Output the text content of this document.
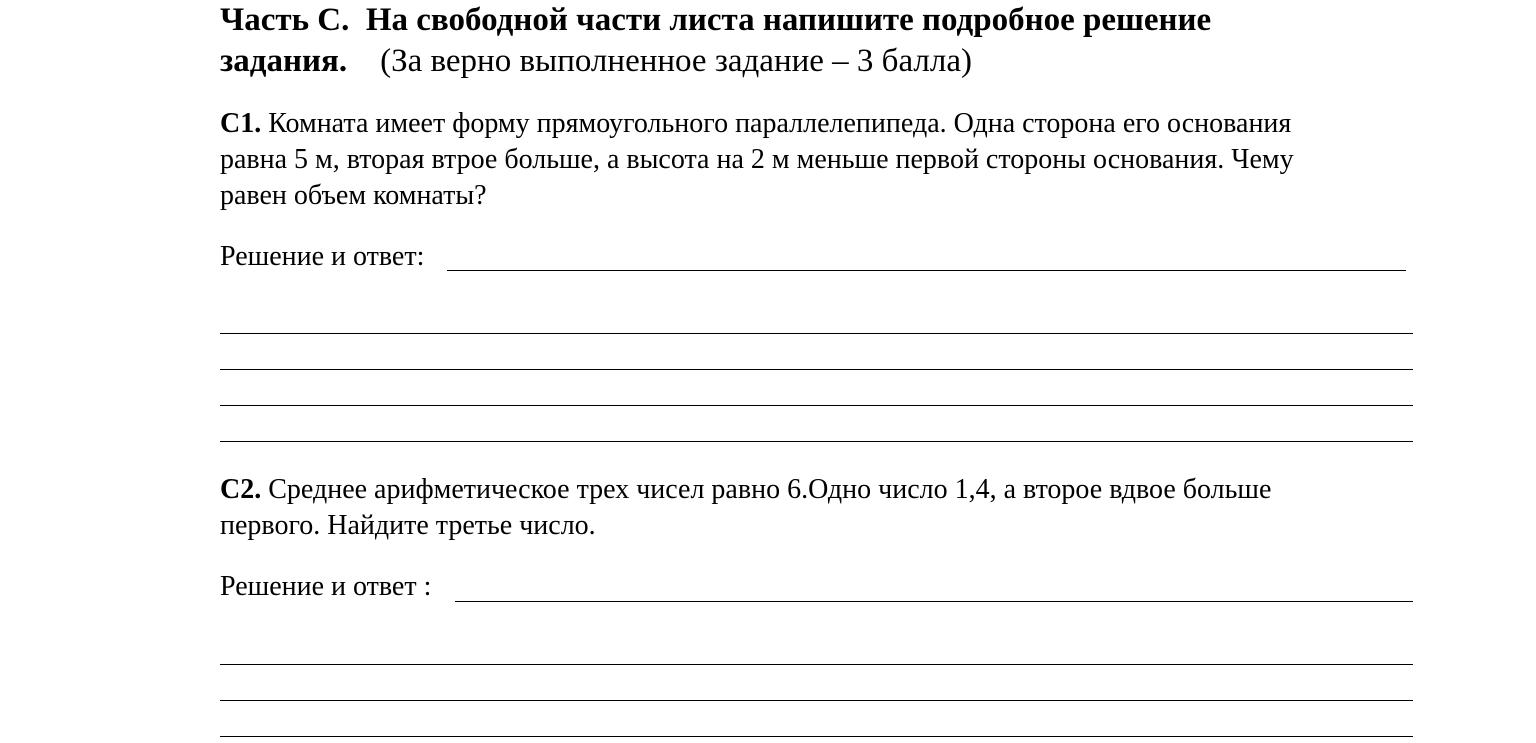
Часть С. На свободной части листа напишите подробное решение
задания. (За верно выполненное задание – 3 балла)
С1. Комната имеет форму прямоугольного параллелепипеда. Одна сторона его основания
равна 5 м, вторая втрое больше, а высота на 2 м меньше первой стороны основания. Чему
равен объем комнаты?
Решение и ответ:
С2. Среднее арифметическое трех чисел равно 6.Одно число 1,4, а второе вдвое больше
первого. Найдите третье число.
Решение и ответ :
